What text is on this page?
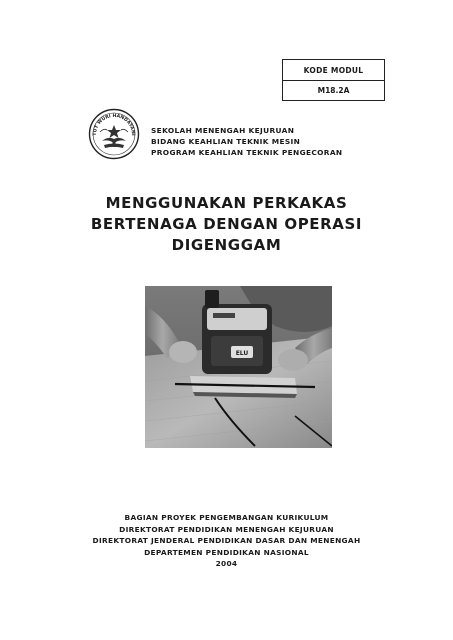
KODE MODUL
M18.2A
TUT WURI HANDAYANI SEKOLAH MENENGAH KEJURUAN
BIDANG KEAHLIAN TEKNIK MESIN
PROGRAM KEAHLIAN TEKNIK PENGECORAN
MENGGUNAKAN PERKAKAS
BERTENAGA DENGAN OPERASI
DIGENGGAM
ELU
BAGIAN PROYEK PENGEMBANGAN KURIKULUM
DIREKTORAT PENDIDIKAN MENENGAH KEJURUAN
DIREKTORAT JENDERAL PENDIDIKAN DASAR DAN MENENGAH
DEPARTEMEN PENDIDIKAN NASIONAL
2004
